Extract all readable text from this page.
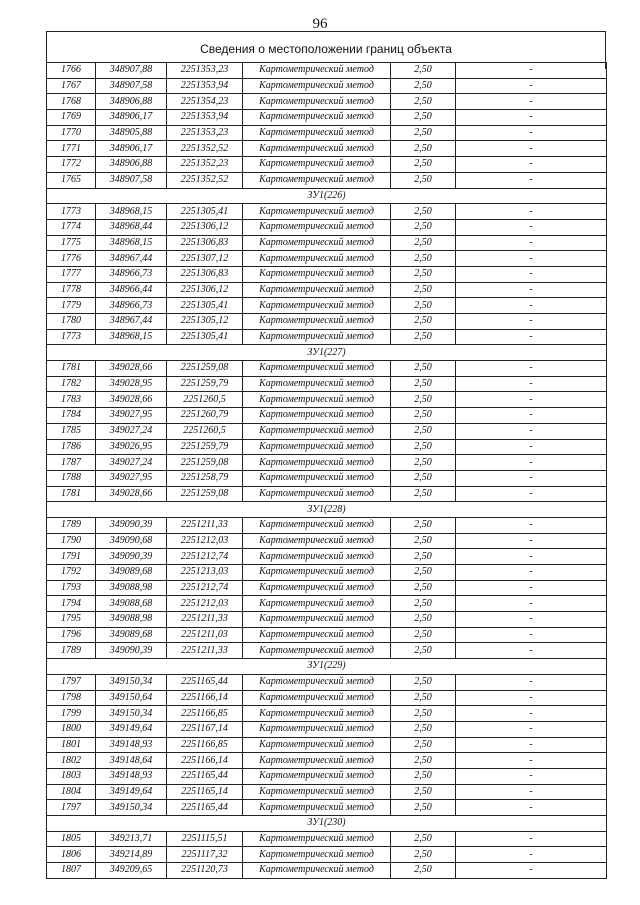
96
Сведения о местоположении границ объекта
1766	348907,88	2251353,23	Картометрический метод	2,50	-
1767	348907,58	2251353,94	Картометрический метод	2,50	-
1768	348906,88	2251354,23	Картометрический метод	2,50	-
1769	348906,17	2251353,94	Картометрический метод	2,50	-
1770	348905,88	2251353,23	Картометрический метод	2,50	-
1771	348906,17	2251352,52	Картометрический метод	2,50	-
1772	348906,88	2251352,23	Картометрический метод	2,50	-
1765	348907,58	2251352,52	Картометрический метод	2,50	-
ЗУ1(226)					
1773	348968,15	2251305,41	Картометрический метод	2,50	-
1774	348968,44	2251306,12	Картометрический метод	2,50	-
1775	348968,15	2251306,83	Картометрический метод	2,50	-
1776	348967,44	2251307,12	Картометрический метод	2,50	-
1777	348966,73	2251306,83	Картометрический метод	2,50	-
1778	348966,44	2251306,12	Картометрический метод	2,50	-
1779	348966,73	2251305,41	Картометрический метод	2,50	-
1780	348967,44	2251305,12	Картометрический метод	2,50	-
1773	348968,15	2251305,41	Картометрический метод	2,50	-
ЗУ1(227)					
1781	349028,66	2251259,08	Картометрический метод	2,50	-
1782	349028,95	2251259,79	Картометрический метод	2,50	-
1783	349028,66	2251260,5	Картометрический метод	2,50	-
1784	349027,95	2251260,79	Картометрический метод	2,50	-
1785	349027,24	2251260,5	Картометрический метод	2,50	-
1786	349026,95	2251259,79	Картометрический метод	2,50	-
1787	349027,24	2251259,08	Картометрический метод	2,50	-
1788	349027,95	2251258,79	Картометрический метод	2,50	-
1781	349028,66	2251259,08	Картометрический метод	2,50	-
ЗУ1(228)					
1789	349090,39	2251211,33	Картометрический метод	2,50	-
1790	349090,68	2251212,03	Картометрический метод	2,50	-
1791	349090,39	2251212,74	Картометрический метод	2,50	-
1792	349089,68	2251213,03	Картометрический метод	2,50	-
1793	349088,98	2251212,74	Картометрический метод	2,50	-
1794	349088,68	2251212,03	Картометрический метод	2,50	-
1795	349088,98	2251211,33	Картометрический метод	2,50	-
1796	349089,68	2251211,03	Картометрический метод	2,50	-
1789	349090,39	2251211,33	Картометрический метод	2,50	-
ЗУ1(229)					
1797	349150,34	2251165,44	Картометрический метод	2,50	-
1798	349150,64	2251166,14	Картометрический метод	2,50	-
1799	349150,34	2251166,85	Картометрический метод	2,50	-
1800	349149,64	2251167,14	Картометрический метод	2,50	-
1801	349148,93	2251166,85	Картометрический метод	2,50	-
1802	349148,64	2251166,14	Картометрический метод	2,50	-
1803	349148,93	2251165,44	Картометрический метод	2,50	-
1804	349149,64	2251165,14	Картометрический метод	2,50	-
1797	349150,34	2251165,44	Картометрический метод	2,50	-
ЗУ1(230)					
1805	349213,71	2251115,51	Картометрический метод	2,50	-
1806	349214,89	2251117,32	Картометрический метод	2,50	-
1807	349209,65	2251120,73	Картометрический метод	2,50	-
